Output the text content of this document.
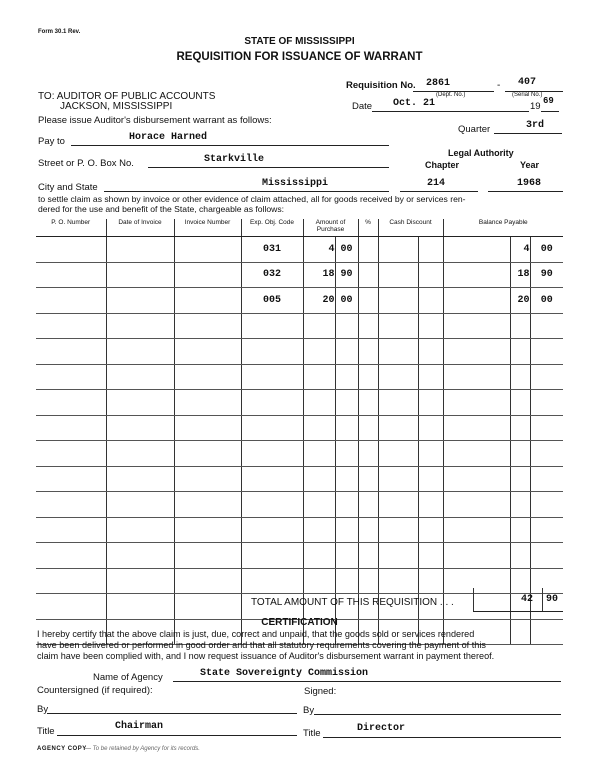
Form 30.1 Rev.
STATE OF MISSISSIPPI
REQUISITION FOR ISSUANCE OF WARRANT
Requisition No. 2861	- 407
(Dept. No.)	(Serial No.)
TO: AUDITOR OF PUBLIC ACCOUNTS
JACKSON, MISSISSIPPI
Please issue Auditor's disbursement warrant as follows:
Date Oct. 21	19 69
Quarter	3rd
Pay to	Horace Harned
Legal Authority
Chapter	Year
Street or P. O. Box No.	Starkville
City and State	Mississippi	214	1968
to settle claim as shown by invoice or other evidence of claim attached, all for goods received by or services ren-
dered for the use and benefit of the State, chargeable as follows:
P. O. Number	Date of Invoice	Invoice Number	Exp. Obj. Code	Amount of Purchase		%	Cash Discount		Balance Payable		
			031	4	00					4	00
			032	18	90					18	90
			005	20	00					20	00

TOTAL AMOUNT OF THIS REQUISITION . . .	42 90
CERTIFICATION
I hereby certify that the above claim is just, due, correct and unpaid, that the goods sold or services rendered
have been delivered or performed in good order and that all statutory requirements covering the payment of this
claim have been complied with, and I now request issuance of Auditor's disbursement warrant in payment thereof.
Name of Agency	State Sovereignty Commission
Countersigned (if required):	Signed:
By	By
Title	Chairman
Title	Director
AGENCY COPY
— To be retained by Agency for its records.
